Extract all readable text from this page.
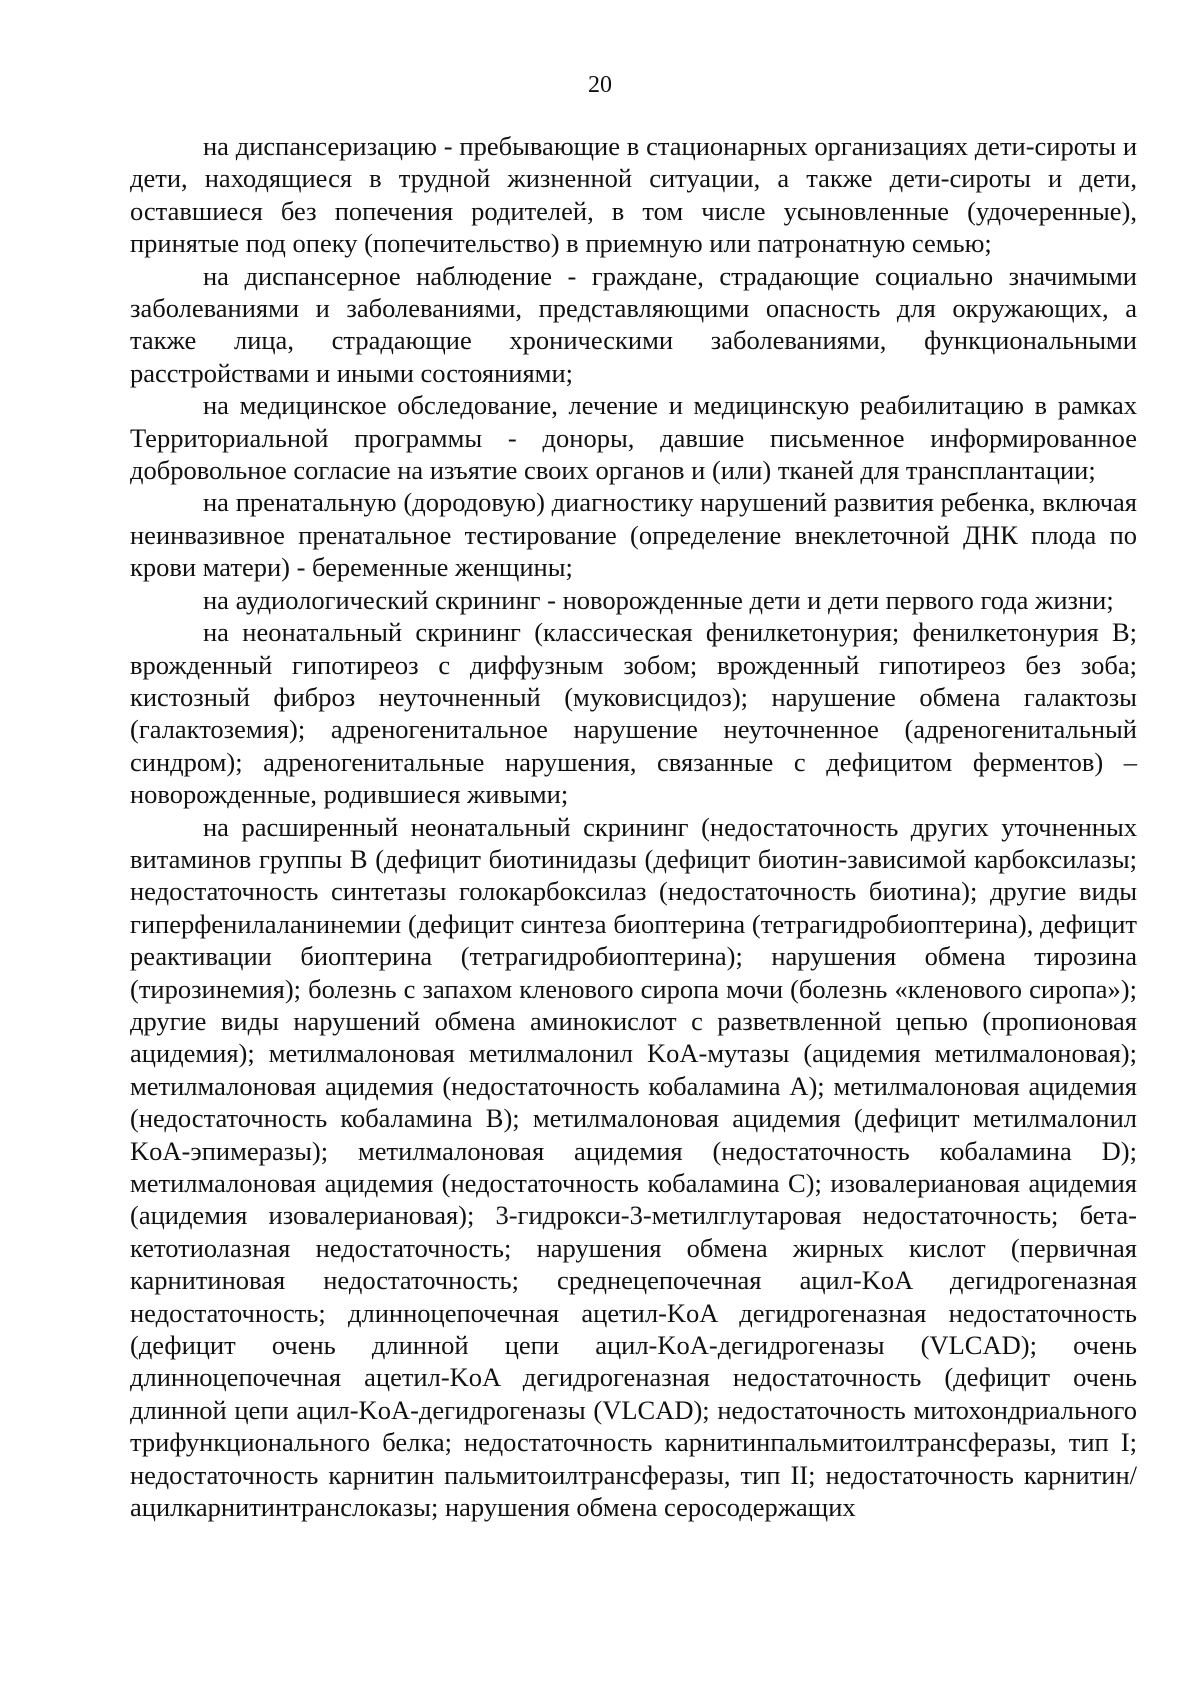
20

на диспансеризацию - пребывающие в стационарных организациях дети-сироты и дети, находящиеся в трудной жизненной ситуации, а также дети-сироты и дети, оставшиеся без попечения родителей, в том числе усыновленные (удочеренные), принятые под опеку (попечительство) в приемную или патронатную семью;

на диспансерное наблюдение - граждане, страдающие социально значимыми заболеваниями и заболеваниями, представляющими опасность для окружающих, а также лица, страдающие хроническими заболеваниями, функциональными расстройствами и иными состояниями;

на медицинское обследование, лечение и медицинскую реабилитацию в рамках Территориальной программы - доноры, давшие письменное информированное добровольное согласие на изъятие своих органов и (или) тканей для трансплантации;

на пренатальную (дородовую) диагностику нарушений развития ребенка, включая неинвазивное пренатальное тестирование (определение внеклеточной ДНК плода по крови матери) - беременные женщины;

на аудиологический скрининг - новорожденные дети и дети первого года жизни;

на неонатальный скрининг (классическая фенилкетонурия; фенилкетонурия B; врожденный гипотиреоз с диффузным зобом; врожденный гипотиреоз без зоба; кистозный фиброз неуточненный (муковисцидоз); нарушение обмена галактозы (галактоземия); адреногенитальное нарушение неуточненное (адреногенитальный синдром); адреногенитальные нарушения, связанные с дефицитом ферментов) – новорожденные, родившиеся живыми;

на расширенный неонатальный скрининг (недостаточность других уточненных витаминов группы B (дефицит биотинидазы (дефицит биотин-зависимой карбоксилазы; недостаточность синтетазы голокарбоксилаз (недостаточность биотина); другие виды гиперфенилаланинемии (дефицит синтеза биоптерина (тетрагидробиоптерина), дефицит реактивации биоптерина (тетрагидробиоптерина); нарушения обмена тирозина (тирозинемия); болезнь с запахом кленового сиропа мочи (болезнь «кленового сиропа»); другие виды нарушений обмена аминокислот с разветвленной цепью (пропионовая ацидемия); метилмалоновая метилмалонил KoA-мутазы (ацидемия метилмалоновая); метилмалоновая ацидемия (недостаточность кобаламина A); метилмалоновая ацидемия (недостаточность кобаламина B); метилмалоновая ацидемия (дефицит метилмалонил KoA-эпимеразы); метилмалоновая ацидемия (недостаточность кобаламина D); метилмалоновая ацидемия (недостаточность кобаламина C); изовалериановая ацидемия (ацидемия изовалериановая); 3-гидрокси-3-метилглутаровая недостаточность; бета-кетотиолазная недостаточность; нарушения обмена жирных кислот (первичная карнитиновая недостаточность; среднецепочечная ацил-KoA дегидрогеназная недостаточность; длинноцепочечная ацетил-KoA дегидрогеназная недостаточность (дефицит очень длинной цепи ацил-KoA-дегидрогеназы (VLCAD); очень длинноцепочечная ацетил-KoA дегидрогеназная недостаточность (дефицит очень длинной цепи ацил-KoA-дегидрогеназы (VLCAD); недостаточность митохондриального трифункционального белка; недостаточность карнитинпальмитоилтрансферазы, тип I; недостаточность карнитин пальмитоилтрансферазы, тип II; недостаточность карнитин/ацилкарнитинтранслоказы; нарушения обмена серосодержащих
